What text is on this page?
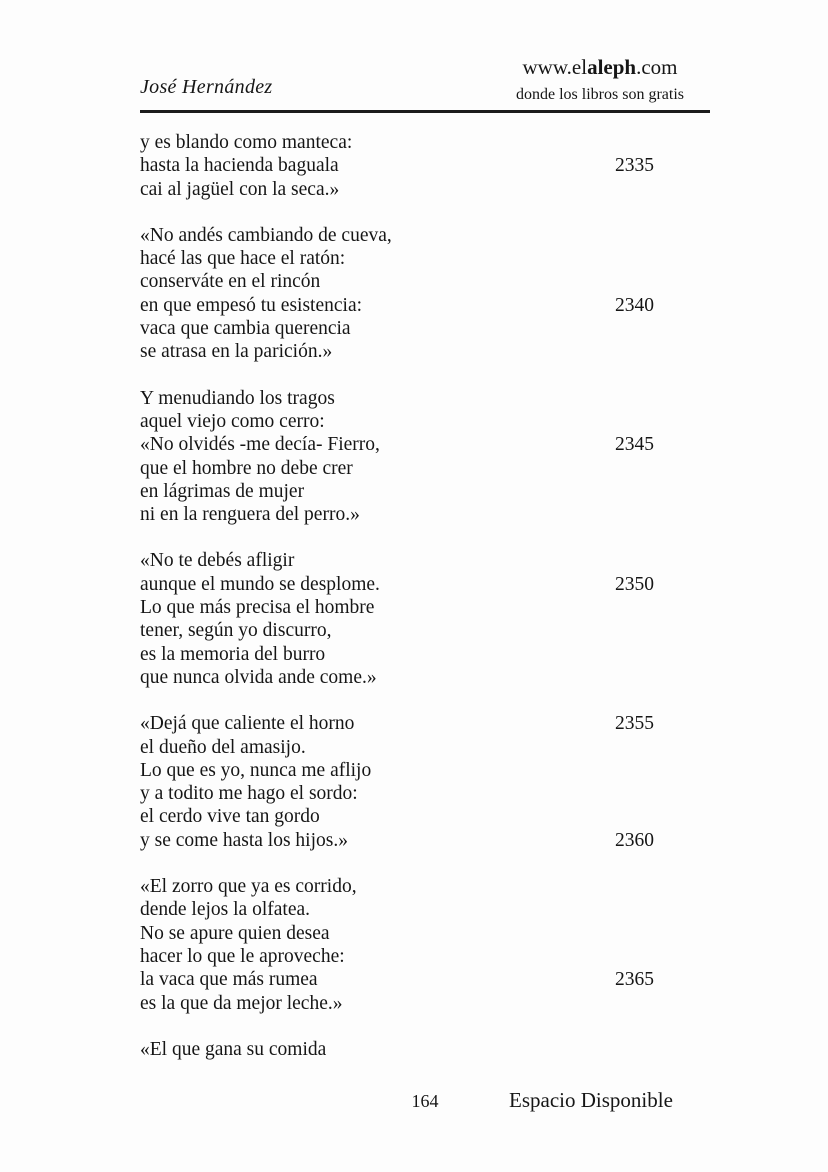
José Hernández
www.elaleph.com
donde los libros son gratis
y es blando como manteca:
hasta la hacienda baguala	2335
cai al jagüel con la seca.»
«No andés cambiando de cueva,
hacé las que hace el ratón:
conserváte en el rincón
en que empesó tu esistencia:	2340
vaca que cambia querencia
se atrasa en la parición.»
Y menudiando los tragos
aquel viejo como cerro:
«No olvidés -me decía- Fierro,	2345
que el hombre no debe crer
en lágrimas de mujer
ni en la renguera del perro.»
«No te debés afligir
aunque el mundo se desplome.	2350
Lo que más precisa el hombre
tener, según yo discurro,
es la memoria del burro
que nunca olvida ande come.»
«Dejá que caliente el horno	2355
el dueño del amasijo.
Lo que es yo, nunca me aflijo
y a todito me hago el sordo:
el cerdo vive tan gordo
y se come hasta los hijos.»	2360
«El zorro que ya es corrido,
dende lejos la olfatea.
No se apure quien desea
hacer lo que le aproveche:
la vaca que más rumea	2365
es la que da mejor leche.»
«El que gana su comida
164	Espacio Disponible
